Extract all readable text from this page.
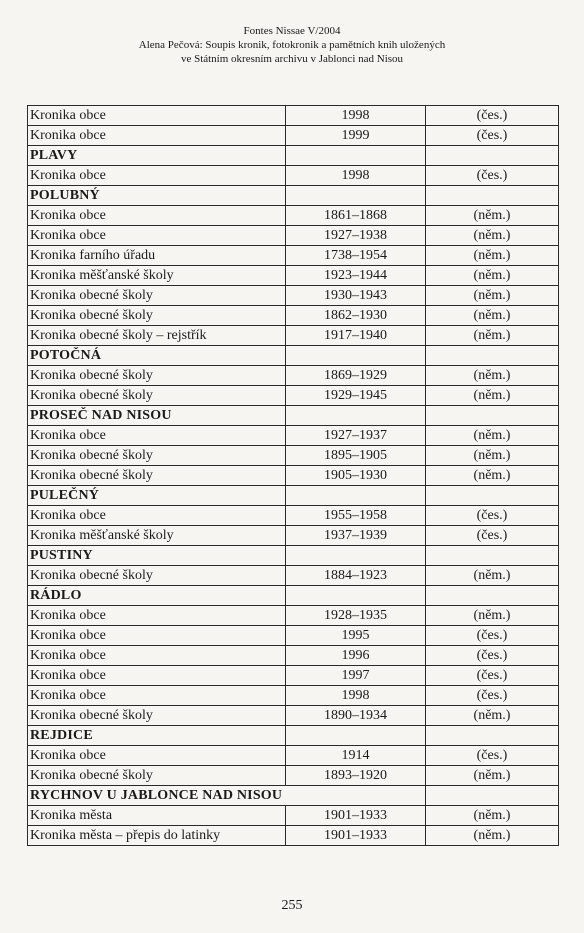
Fontes Nissae V/2004
Alena Pečová: Soupis kronik, fotokronik a pamětních knih uložených
ve Státním okresním archivu v Jablonci nad Nisou
Kronika obce	1998	(čes.)
Kronika obce	1999	(čes.)
PLAVY		
Kronika obce	1998	(čes.)
POLUBNÝ		
Kronika obce	1861–1868	(něm.)
Kronika obce	1927–1938	(něm.)
Kronika farního úřadu	1738–1954	(něm.)
Kronika měšťanské školy	1923–1944	(něm.)
Kronika obecné školy	1930–1943	(něm.)
Kronika obecné školy	1862–1930	(něm.)
Kronika obecné školy – rejstřík	1917–1940	(něm.)
POTOČNÁ		
Kronika obecné školy	1869–1929	(něm.)
Kronika obecné školy	1929–1945	(něm.)
PROSEČ NAD NISOU		
Kronika obce	1927–1937	(něm.)
Kronika obecné školy	1895–1905	(něm.)
Kronika obecné školy	1905–1930	(něm.)
PULEČNÝ		
Kronika obce	1955–1958	(čes.)
Kronika měšťanské školy	1937–1939	(čes.)
PUSTINY		
Kronika obecné školy	1884–1923	(něm.)
RÁDLO		
Kronika obce	1928–1935	(něm.)
Kronika obce	1995	(čes.)
Kronika obce	1996	(čes.)
Kronika obce	1997	(čes.)
Kronika obce	1998	(čes.)
Kronika obecné školy	1890–1934	(něm.)
REJDICE		
Kronika obce	1914	(čes.)
Kronika obecné školy	1893–1920	(něm.)
RYCHNOV U JABLONCE NAD NISOU		
Kronika města	1901–1933	(něm.)
Kronika města – přepis do latinky	1901–1933	(něm.)
255
